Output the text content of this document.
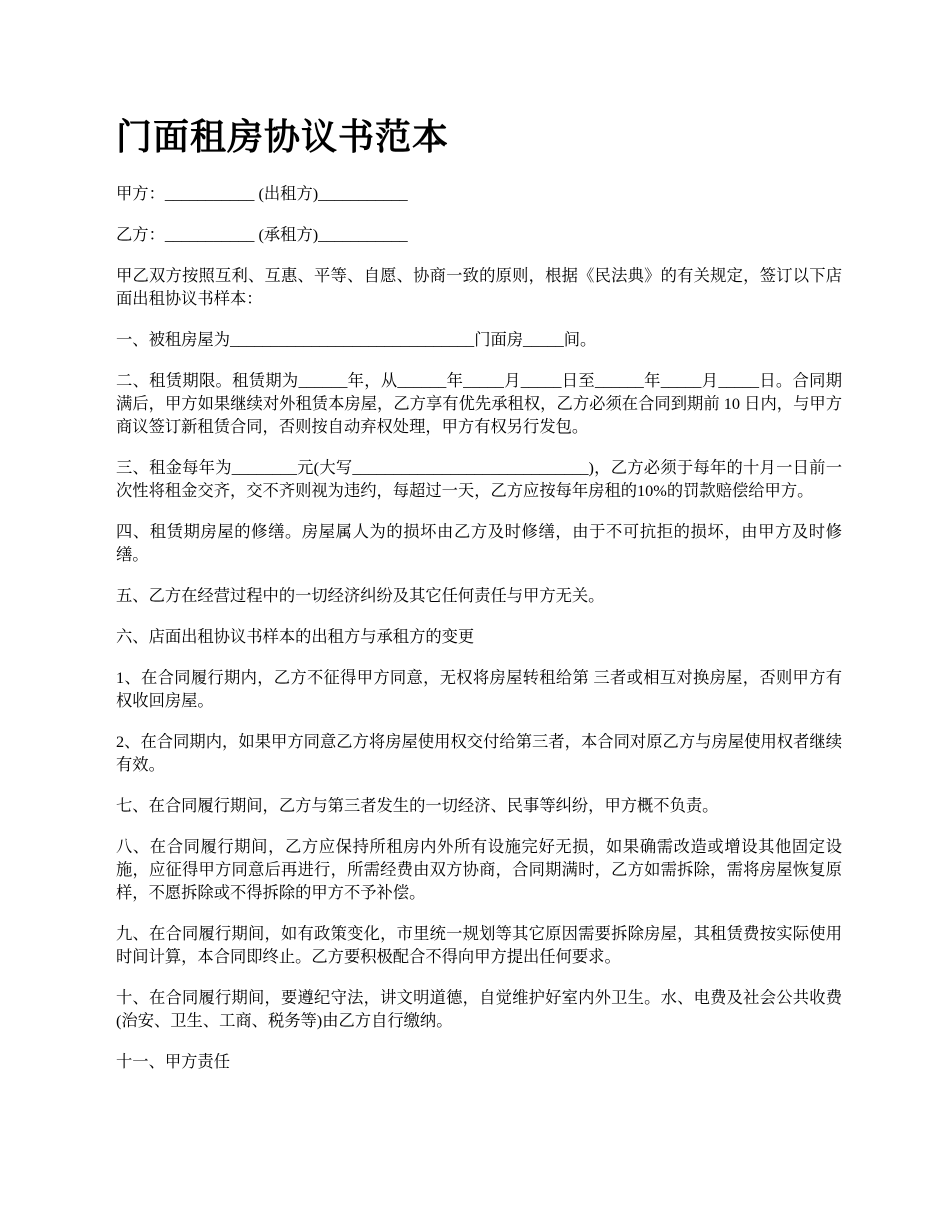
门面租房协议书范本

甲方：___________ (出租方)___________

乙方：___________ (承租方)___________

甲乙双方按照互利、互惠、平等、自愿、协商一致的原则，根据《民法典》的有关规定，签订以下店面出租协议书样本：

一、被租房屋为______________________________门面房_____间。

二、租赁期限。租赁期为______年，从______年_____月_____日至______年_____月_____日。合同期满后，甲方如果继续对外租赁本房屋，乙方享有优先承租权，乙方必须在合同到期前 10 日内，与甲方商议签订新租赁合同，否则按自动弃权处理，甲方有权另行发包。

三、租金每年为________元(大写_____________________________)，乙方必须于每年的十月一日前一次性将租金交齐，交不齐则视为违约，每超过一天，乙方应按每年房租的10%的罚款赔偿给甲方。

四、租赁期房屋的修缮。房屋属人为的损坏由乙方及时修缮，由于不可抗拒的损坏，由甲方及时修缮。

五、乙方在经营过程中的一切经济纠纷及其它任何责任与甲方无关。

六、店面出租协议书样本的出租方与承租方的变更

1、在合同履行期内，乙方不征得甲方同意，无权将房屋转租给第 三者或相互对换房屋，否则甲方有权收回房屋。

2、在合同期内，如果甲方同意乙方将房屋使用权交付给第三者，本合同对原乙方与房屋使用权者继续有效。

七、在合同履行期间，乙方与第三者发生的一切经济、民事等纠纷，甲方概不负责。

八、在合同履行期间，乙方应保持所租房内外所有设施完好无损，如果确需改造或增设其他固定设施，应征得甲方同意后再进行，所需经费由双方协商，合同期满时，乙方如需拆除，需将房屋恢复原样，不愿拆除或不得拆除的甲方不予补偿。

九、在合同履行期间，如有政策变化，市里统一规划等其它原因需要拆除房屋，其租赁费按实际使用时间计算，本合同即终止。乙方要积极配合不得向甲方提出任何要求。

十、在合同履行期间，要遵纪守法，讲文明道德，自觉维护好室内外卫生。水、电费及社会公共收费(治安、卫生、工商、税务等)由乙方自行缴纳。

十一、甲方责任
